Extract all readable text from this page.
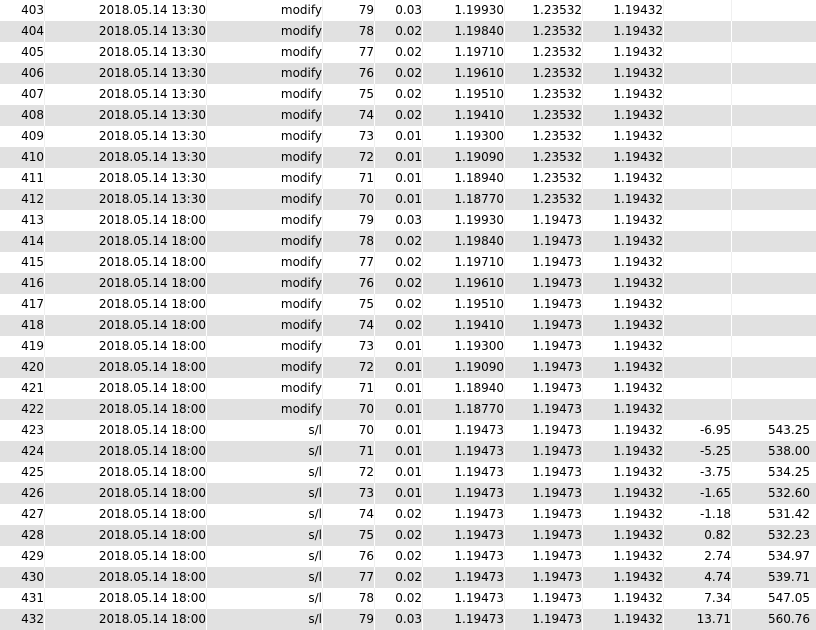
403	2018.05.14 13:30	modify	79	0.03	1.19930	1.23532	1.19432
404	2018.05.14 13:30	modify	78	0.02	1.19840	1.23532	1.19432
405	2018.05.14 13:30	modify	77	0.02	1.19710	1.23532	1.19432
406	2018.05.14 13:30	modify	76	0.02	1.19610	1.23532	1.19432
407	2018.05.14 13:30	modify	75	0.02	1.19510	1.23532	1.19432
408	2018.05.14 13:30	modify	74	0.02	1.19410	1.23532	1.19432
409	2018.05.14 13:30	modify	73	0.01	1.19300	1.23532	1.19432
410	2018.05.14 13:30	modify	72	0.01	1.19090	1.23532	1.19432
411	2018.05.14 13:30	modify	71	0.01	1.18940	1.23532	1.19432
412	2018.05.14 13:30	modify	70	0.01	1.18770	1.23532	1.19432
413	2018.05.14 18:00	modify	79	0.03	1.19930	1.19473	1.19432
414	2018.05.14 18:00	modify	78	0.02	1.19840	1.19473	1.19432
415	2018.05.14 18:00	modify	77	0.02	1.19710	1.19473	1.19432
416	2018.05.14 18:00	modify	76	0.02	1.19610	1.19473	1.19432
417	2018.05.14 18:00	modify	75	0.02	1.19510	1.19473	1.19432
418	2018.05.14 18:00	modify	74	0.02	1.19410	1.19473	1.19432
419	2018.05.14 18:00	modify	73	0.01	1.19300	1.19473	1.19432
420	2018.05.14 18:00	modify	72	0.01	1.19090	1.19473	1.19432
421	2018.05.14 18:00	modify	71	0.01	1.18940	1.19473	1.19432
422	2018.05.14 18:00	modify	70	0.01	1.18770	1.19473	1.19432
423	2018.05.14 18:00	s/l	70	0.01	1.19473	1.19473	1.19432	-6.95	543.25
424	2018.05.14 18:00	s/l	71	0.01	1.19473	1.19473	1.19432	-5.25	538.00
425	2018.05.14 18:00	s/l	72	0.01	1.19473	1.19473	1.19432	-3.75	534.25
426	2018.05.14 18:00	s/l	73	0.01	1.19473	1.19473	1.19432	-1.65	532.60
427	2018.05.14 18:00	s/l	74	0.02	1.19473	1.19473	1.19432	-1.18	531.42
428	2018.05.14 18:00	s/l	75	0.02	1.19473	1.19473	1.19432	0.82	532.23
429	2018.05.14 18:00	s/l	76	0.02	1.19473	1.19473	1.19432	2.74	534.97
430	2018.05.14 18:00	s/l	77	0.02	1.19473	1.19473	1.19432	4.74	539.71
431	2018.05.14 18:00	s/l	78	0.02	1.19473	1.19473	1.19432	7.34	547.05
432	2018.05.14 18:00	s/l	79	0.03	1.19473	1.19473	1.19432	13.71	560.76
